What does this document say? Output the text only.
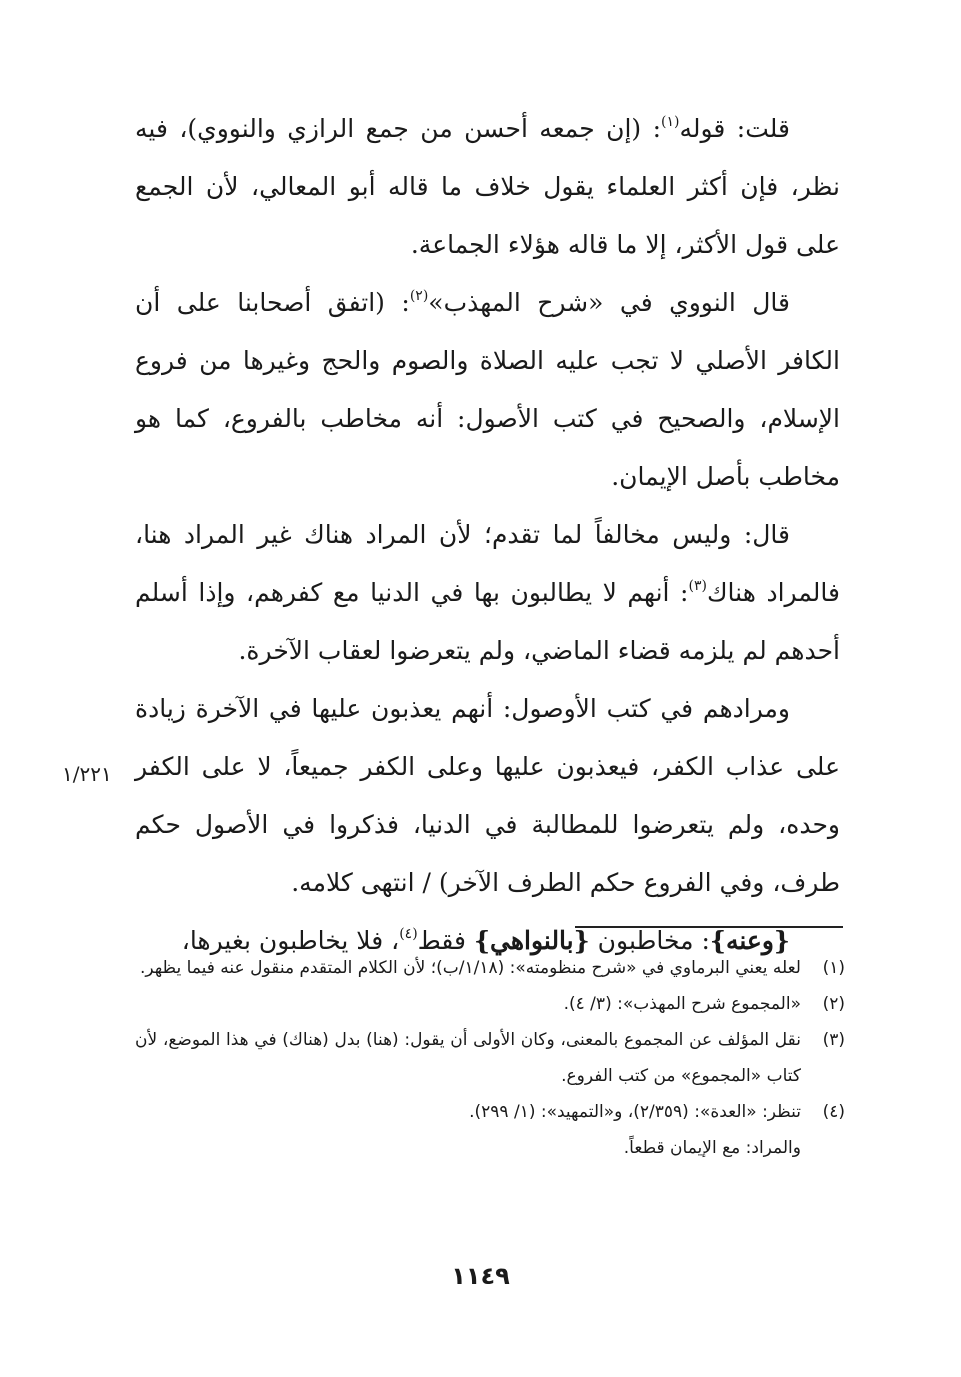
قلت: قوله$^{(١)}$: (إن جمعه أحسن من جمع الرازي والنووي)، فيه نظر، فإن أكثر العلماء يقول خلاف ما قاله أبو المعالي، لأن الجمع على قول الأكثر، إلا ما قاله هؤلاء الجماعة.

قال النووي في «شرح المهذب»$^{(٢)}$: (اتفق أصحابنا على أن الكافر الأصلي لا تجب عليه الصلاة والصوم والحج وغيرها من فروع الإسلام، والصحيح في كتب الأصول: أنه مخاطب بالفروع، كما هو مخاطب بأصل الإيمان.

قال: وليس مخالفاً لما تقدم؛ لأن المراد هناك غير المراد هنا، فالمراد هناك$^{(٣)}$: أنهم لا يطالبون بها في الدنيا مع كفرهم، وإذا أسلم أحدهم لم يلزمه قضاء الماضي، ولم يتعرضوا لعقاب الآخرة.

ومرادهم في كتب الأوصول: أنهم يعذبون عليها في الآخرة زيادة على عذاب الكفر، فيعذبون عليها وعلى الكفر جميعاً، لا على الكفر وحده، ولم يتعرضوا للمطالبة في الدنيا، فذكروا في الأصول حكم طرف، وفي الفروع حكم الطرف الآخر) / انتهى كلامه.

{وعنه}: مخاطبون {بالنواهي} فقط$^{(٤)}$، فلا يخاطبون بغيرها،

١/٢٢١
(١)
لعله يعني البرماوي في «شرح منظومته»: (١/١٨/ب)؛ لأن الكلام المتقدم منقول عنه فيما يظهر.
(٢)
«المجموع شرح المهذب»: (٣/ ٤).
(٣)
نقل المؤلف عن المجموع بالمعنى، وكان الأولى أن يقول: (هنا) بدل (هناك) في هذا الموضع، لأن كتاب «المجموع» من كتب الفروع.
(٤)
تنظر: «العدة»: (٢/٣٥٩)، و«التمهيد»: (١/ ٢٩٩).
والمراد: مع الإيمان قطعاً.
١١٤٩
